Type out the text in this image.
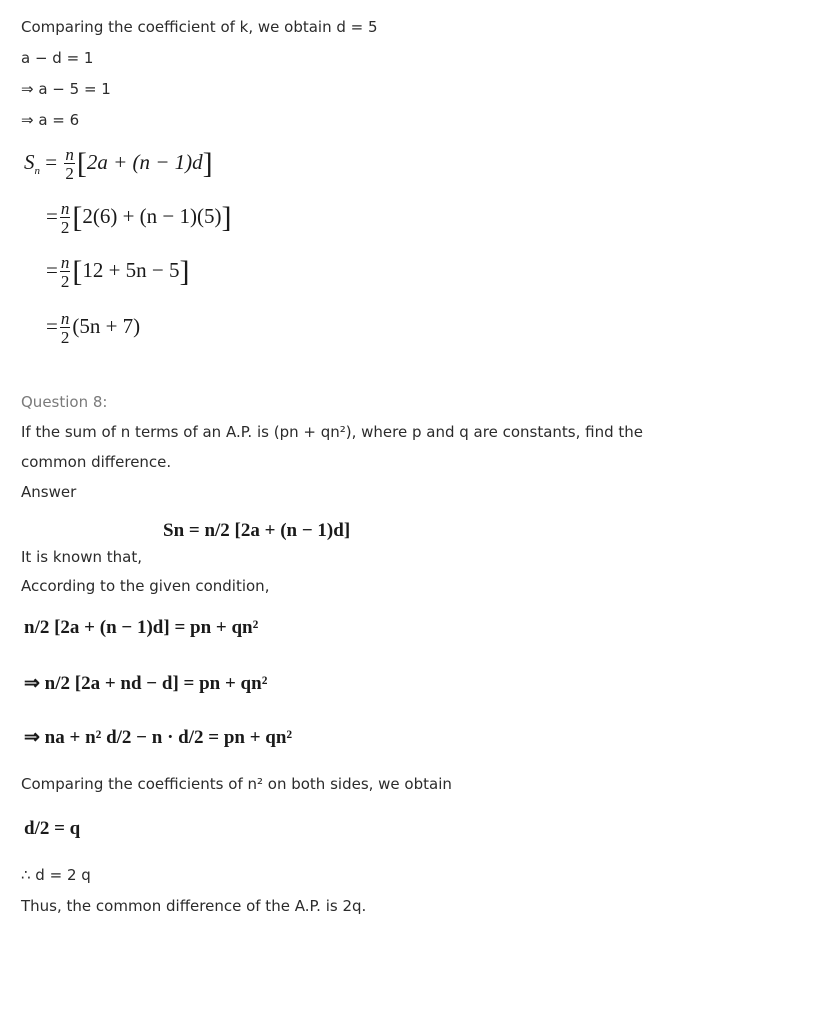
Comparing the coefficient of k, we obtain d = 5
a − d = 1
⇒ a − 5 = 1
⇒ a = 6
$S_n = \frac{n}{2} [2a + (n - 1)d]$
= $\frac{n}{2} [2(6) + (n - 1)(5)]$
= $\frac{n}{2} [12 + 5n - 5]$
= $\frac{n}{2} (5n + 7)$
Question 8:
If the sum of n terms of an A.P. is (pn + qn²), where p and q are constants, find the
common difference.
Answer
It is known that,
Sn = n/2 [2a + (n − 1)d]
According to the given condition,
n/2 [2a + (n − 1)d] = pn + qn²
⇒ n/2 [2a + nd − d] = pn + qn²
⇒ na + n² d/2 − n · d/2 = pn + qn²
Comparing the coefficients of n² on both sides, we obtain
d/2 = q
∴ d = 2 q
Thus, the common difference of the A.P. is 2q.
